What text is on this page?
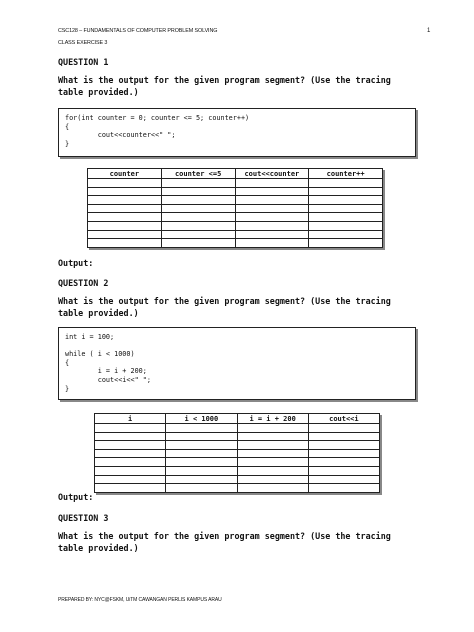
CSC128 – FUNDAMENTALS OF COMPUTER PROBLEM SOLVING
CLASS EXERCISE 3
1
QUESTION 1
What is the output for the given program segment? (Use the tracing table provided.)
for(int counter = 0; counter <= 5; counter++)
{
cout<<counter<<" ";
}
counter	counter <=5	cout<<counter	counter++

Output:
QUESTION 2
What is the output for the given program segment? (Use the tracing table provided.)
int i = 100;

while ( i < 1000)
{
i = i + 200;
cout<<i<<" ";
}
i	i < 1000	i = i + 200	cout<<i

Output:
QUESTION 3
What is the output for the given program segment? (Use the tracing table provided.)
PREPARED BY: NYC@FSKM, UiTM CAWANGAN PERLIS KAMPUS ARAU
